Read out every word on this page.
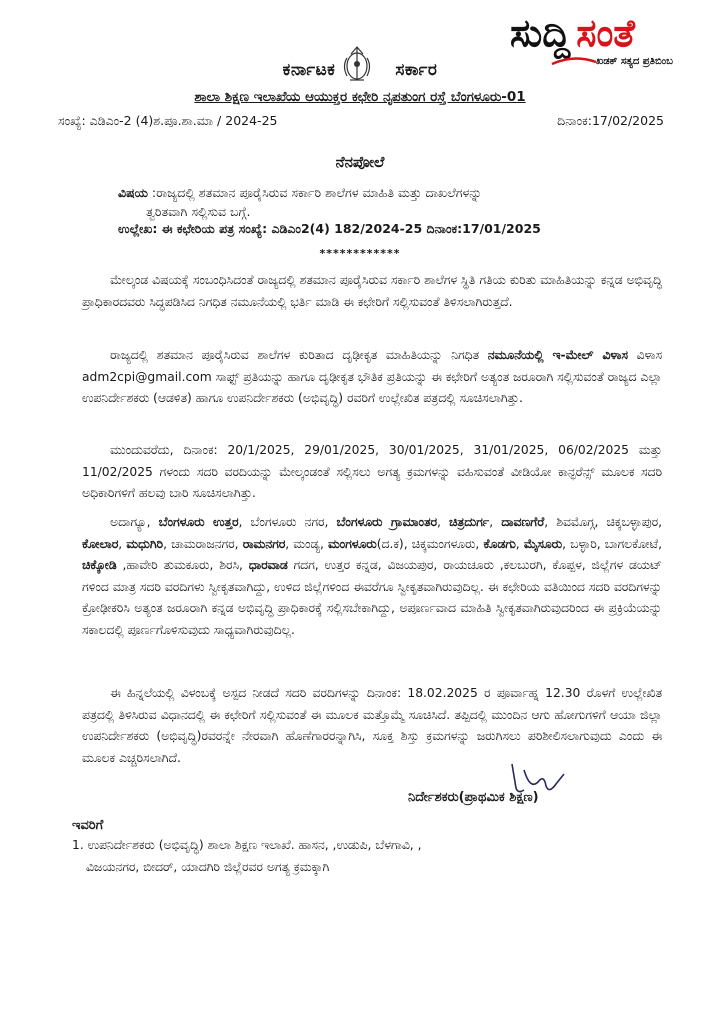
ಸುದ್ದಿ ಸಂತೆ
ಖಡಕ್ ಸತ್ಯದ ಪ್ರತಿಬಿಂಬ
ಕರ್ನಾಟಕ	ಸರ್ಕಾರ
ಶಾಲಾ ಶಿಕ್ಷಣ ಇಲಾಖೆಯ ಆಯುಕ್ತರ ಕಛೇರಿ ನೃಪತುಂಗ ರಸ್ತೆ ಬೆಂಗಳೂರು-01
ಸಂಖ್ಯೆ: ಎಡಿಎಂ-2 (4)ಶ.ಪೂ.ಶಾ.ಮಾ / 2024-25	ದಿನಾಂಕ:17/02/2025
ನೆನಪೋಲೆ
ವಿಷಯ :ರಾಜ್ಯದಲ್ಲಿ ಶತಮಾನ ಪೂರೈಸಿರುವ ಸರ್ಕಾರಿ ಶಾಲೆಗಳ ಮಾಹಿತಿ ಮತ್ತು ದಾಖಲೆಗಳನ್ನು
ತ್ವರಿತವಾಗಿ ಸಲ್ಲಿಸುವ ಬಗ್ಗೆ.
ಉಲ್ಲೇಖ: ಈ ಕಛೇರಿಯ ಪತ್ರ ಸಂಖ್ಯೆ: ಎಡಿಎಂ2(4) 182/2024-25 ದಿನಾಂಕ:17/01/2025
************
ಮೇಲ್ಕಂಡ ವಿಷಯಕ್ಕೆ ಸಂಬಂಧಿಸಿದಂತೆ ರಾಜ್ಯದಲ್ಲಿ ಶತಮಾನ ಪೂರೈಸಿರುವ ಸರ್ಕಾರಿ ಶಾಲೆಗಳ ಸ್ಥಿತಿ ಗತಿಯ ಕುರಿತು ಮಾಹಿತಿಯನ್ನು ಕನ್ನಡ ಅಭಿವೃದ್ಧಿ ಪ್ರಾಧಿಕಾರದವರು ಸಿದ್ಧಪಡಿಸಿದ ನಿಗಧಿತ ನಮೂನೆಯಲ್ಲಿ ಭರ್ತಿ ಮಾಡಿ ಈ ಕಛೇರಿಗೆ ಸಲ್ಲಿಸುವಂತೆ ತಿಳಿಸಲಾಗಿರುತ್ತದೆ.
ರಾಜ್ಯದಲ್ಲಿ ಶತಮಾನ ಪೂರೈಸಿರುವ ಶಾಲೆಗಳ ಕುರಿತಾದ ದೃಢೀಕೃತ ಮಾಹಿತಿಯನ್ನು ನಿಗಧಿತ ನಮೂನೆಯಲ್ಲಿ ಇ-ಮೇಲ್ ವಿಳಾಸ ವಿಳಾಸ adm2cpi@gmail.com ಸಾಫ್ಟ್ ಪ್ರತಿಯನ್ನು ಹಾಗೂ ದೃಢೀಕೃತ ಭೌತಿಕ ಪ್ರತಿಯನ್ನು ಈ ಕಛೇರಿಗೆ ಅತ್ಯಂತ ಜರೂರಾಗಿ ಸಲ್ಲಿಸುವಂತೆ ರಾಜ್ಯದ ಎಲ್ಲಾ ಉಪನಿರ್ದೇಶಕರು (ಆಡಳಿತ) ಹಾಗೂ ಉಪನಿರ್ದೇಶಕರು (ಅಭಿವೃದ್ಧಿ) ರವರಿಗೆ ಉಲ್ಲೇಖಿತ ಪತ್ರದಲ್ಲಿ ಸೂಚಿಸಲಾಗಿತ್ತು.
ಮುಂದುವರೆದು, ದಿನಾಂಕ: 20/1/2025, 29/01/2025, 30/01/2025, 31/01/2025, 06/02/2025 ಮತ್ತು 11/02/2025 ಗಳಂದು ಸದರಿ ವರದಿಯನ್ನು ಮೇಲ್ಕಂಡಂತೆ ಸಲ್ಲಿಸಲು ಅಗತ್ಯ ಕ್ರಮಗಳನ್ನು ವಹಿಸುವಂತೆ ವೀಡಿಯೋ ಕಾನ್ಫರೆನ್ಸ್ ಮೂಲಕ ಸದರಿ ಅಧಿಕಾರಿಗಳಿಗೆ ಹಲವು ಬಾರಿ ಸೂಚಿಸಲಾಗಿತ್ತು.
ಅದಾಗ್ಯೂ, ಬೆಂಗಳೂರು ಉತ್ತರ, ಬೆಂಗಳೂರು ನಗರ, ಬೆಂಗಳೂರು ಗ್ರಾಮಾಂತರ, ಚಿತ್ರದುರ್ಗ, ದಾವಣಗೆರೆ, ಶಿವಮೊಗ್ಗ, ಚಿಕ್ಕಬಳ್ಳಾಪುರ, ಕೋಲಾರ, ಮಧುಗಿರಿ, ಚಾಮರಾಜನಗರ, ರಾಮನಗರ, ಮಂಡ್ಯ, ಮಂಗಳೂರು(ದ.ಕ), ಚಿಕ್ಕಮಂಗಳೂರು, ಕೊಡಗು, ಮೈಸೂರು, ಬಳ್ಳಾರಿ, ಬಾಗಲಕೋಟೆ, ಚಿಕ್ಕೋಡಿ ,ಹಾವೇರಿ ತುಮಕೂರು, ಶಿರಸಿ, ಧಾರವಾಡ ಗದಗ, ಉತ್ತರ ಕನ್ನಡ, ವಿಜಯಪುರ, ರಾಯಚೂರು ,ಕಲಬುರಗಿ, ಕೊಪ್ಪಳ, ಜಿಲ್ಲೆಗಳ ಡಯಟ್ ಗಳಿಂದ ಮಾತ್ರ ಸದರಿ ವರದಿಗಳು ಸ್ವೀಕೃತವಾಗಿದ್ದು, ಉಳಿದ ಜಿಲ್ಲೆಗಳಿಂದ ಈವರೆಗೂ ಸ್ವೀಕೃತವಾಗಿರುವುದಿಲ್ಲ. ಈ ಕಛೇರಿಯ ವತಿಯಿಂದ ಸದರಿ ವರದಿಗಳನ್ನು ಕ್ರೋಢೀಕರಿಸಿ ಅತ್ಯಂತ ಜರೂರಾಗಿ ಕನ್ನಡ ಅಭಿವೃದ್ಧಿ ಪ್ರಾಧಿಕಾರಕ್ಕೆ ಸಲ್ಲಿಸಬೇಕಾಗಿದ್ದು, ಅಪೂರ್ಣವಾದ ಮಾಹಿತಿ ಸ್ವೀಕೃತವಾಗಿರುವುದರಿಂದ ಈ ಪ್ರಕ್ರಿಯೆಯನ್ನು ಸಕಾಲದಲ್ಲಿ ಪೂರ್ಣಗೊಳಿಸುವುದು ಸಾಧ್ಯವಾಗಿರುವುದಿಲ್ಲ.
ಈ ಹಿನ್ನಲೆಯಲ್ಲಿ ವಿಳಂಬಕ್ಕೆ ಅಸ್ಪದ ನೀಡದೆ ಸದರಿ ವರದಿಗಳನ್ನು ದಿನಾಂಕ: 18.02.2025 ರ ಪೂರ್ವಾಹ್ನ 12.30 ರೊಳಗೆ ಉಲ್ಲೇಖಿತ ಪತ್ರದಲ್ಲಿ ತಿಳಿಸಿರುವ ವಿಧಾನದಲ್ಲಿ ಈ ಕಛೇರಿಗೆ ಸಲ್ಲಿಸುವಂತೆ ಈ ಮೂಲಕ ಮತ್ತೊಮ್ಮೆ ಸೂಚಿಸಿದೆ. ತಪ್ಪಿದಲ್ಲಿ ಮುಂದಿನ ಆಗು ಹೋಗುಗಳಿಗೆ ಆಯಾ ಜಿಲ್ಲಾ ಉಪನಿರ್ದೇಶಕರು (ಅಭಿವೃದ್ಧಿ)ರವರನ್ನೇ ನೇರವಾಗಿ ಹೊಣೆಗಾರರನ್ನಾಗಿಸಿ, ಸೂಕ್ತ ಶಿಸ್ತು ಕ್ರಮಗಳನ್ನು ಜರುಗಿಸಲು ಪರಿಶೀಲಿಸಲಾಗುವುದು ಎಂದು ಈ ಮೂಲಕ ಎಚ್ಚರಿಸಲಾಗಿದೆ.
ನಿರ್ದೇಶಕರು(ಪ್ರಾಥಮಿಕ ಶಿಕ್ಷಣ)
ಇವರಿಗೆ
1. ಉಪನಿರ್ದೇಶಕರು (ಅಭಿವೃದ್ಧಿ) ಶಾಲಾ ಶಿಕ್ಷಣ ಇಲಾಖೆ. ಹಾಸನ, ,ಉಡುಪಿ, ಬೆಳಗಾವಿ, ,
ವಿಜಯನಗರ, ಬೀದರ್, ಯಾದಗಿರಿ ಜಿಲ್ಲೆರವರ ಅಗತ್ಯ ಕ್ರಮಕ್ಕಾಗಿ
